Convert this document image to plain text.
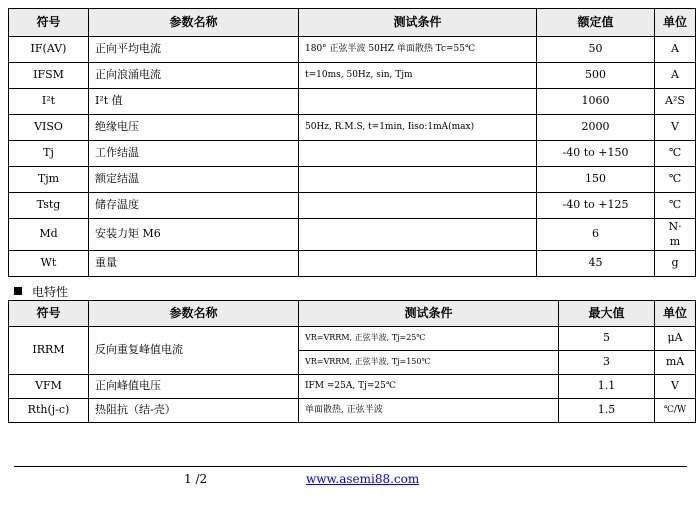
符号	参数名称	测试条件	额定值	单位
IF(AV)	正向平均电流	180° 正弦半波 50HZ 单面散热 Tc=55℃	50	A
IFSM	正向浪涌电流	t=10ms, 50Hz, sin, Tjm	500	A
I²t	I²t 值		1060	A²S
VISO	绝缘电压	50Hz, R.M.S, t=1min, Iiso:1mA(max)	2000	V
Tj	工作结温		-40 to +150	℃
Tjm	额定结温		150	℃
Tstg	储存温度		-40 to +125	℃
Md	安装力矩 M6		6	N·
m

Wt	重量		45	g
电特性
符号	参数名称	测试条件	最大值	单位
IRRM	反向重复峰值电流	VR=VRRM, 正弦半波, Tj=25℃	5	μA
		VR=VRRM, 正弦半波, Tj=150℃	3	mA
VFM	正向峰值电压	IFM =25A, Tj=25℃	1.1	V
Rth(j-c)	热阻抗（结-壳）	单面散热, 正弦半波	1.5	℃/W
1 /2	www.asemi88.com
